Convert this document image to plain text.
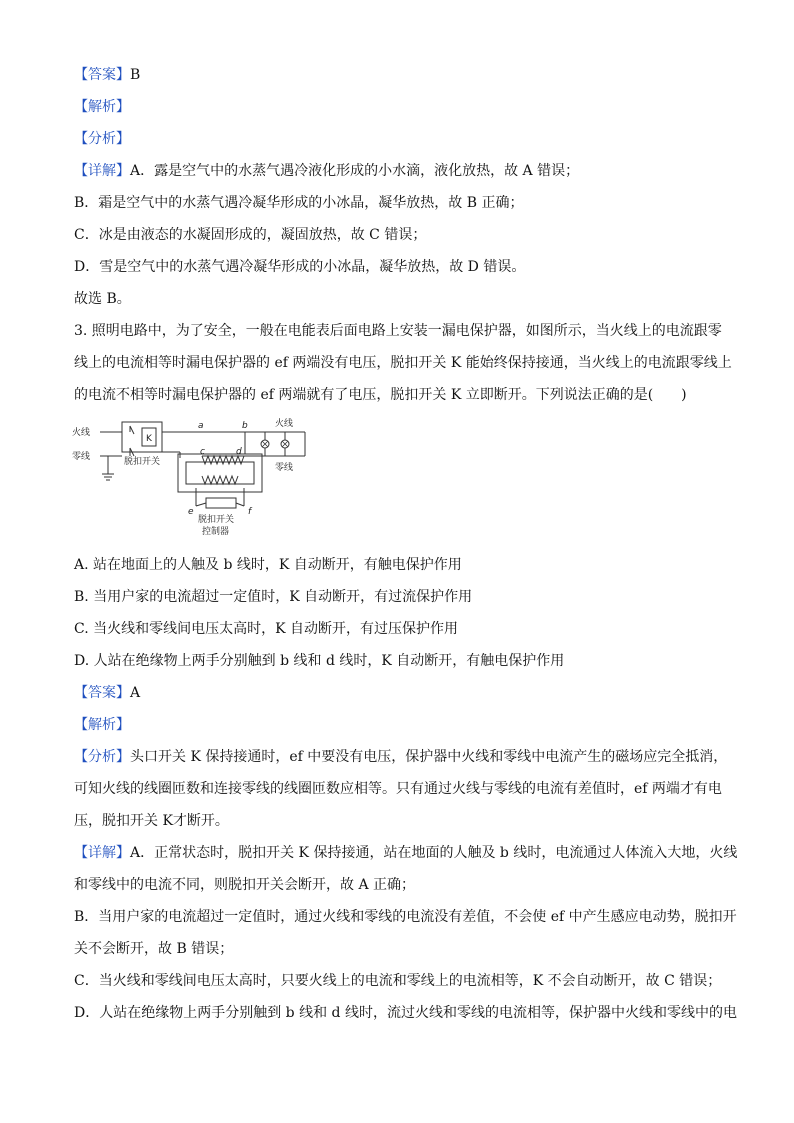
【答案】B
【解析】
【分析】
【详解】A．露是空气中的水蒸气遇冷液化形成的小水滴，液化放热，故 A 错误；
B．霜是空气中的水蒸气遇冷凝华形成的小冰晶，凝华放热，故 B 正确；
C．冰是由液态的水凝固形成的，凝固放热，故 C 错误；
D．雪是空气中的水蒸气遇冷凝华形成的小冰晶，凝华放热，故 D 错误。
故选 B。
3. 照明电路中，为了安全，一般在电能表后面电路上安装一漏电保护器，如图所示，当火线上的电流跟零
线上的电流相等时漏电保护器的 ef 两端没有电压，脱扣开关 K 能始终保持接通，当火线上的电流跟零线上
的电流不相等时漏电保护器的 ef 两端就有了电压，脱扣开关 K 立即断开。下列说法正确的是(　　)
火线
零线
K
脱扣开关
a	b
c	d
e	f
火线
零线
脱扣开关
控制器
A. 站在地面上的人触及 b 线时，K 自动断开，有触电保护作用
B. 当用户家的电流超过一定值时，K 自动断开，有过流保护作用
C. 当火线和零线间电压太高时，K 自动断开，有过压保护作用
D. 人站在绝缘物上两手分别触到 b 线和 d 线时，K 自动断开，有触电保护作用
【答案】A
【解析】
【分析】头口开关 K 保持接通时，ef 中要没有电压，保护器中火线和零线中电流产生的磁场应完全抵消，
可知火线的线圈匝数和连接零线的线圈匝数应相等。只有通过火线与零线的电流有差值时，ef 两端才有电
压，脱扣开关 K才断开。
【详解】A．正常状态时，脱扣开关 K 保持接通，站在地面的人触及 b 线时，电流通过人体流入大地，火线
和零线中的电流不同，则脱扣开关会断开，故 A 正确；
B．当用户家的电流超过一定值时，通过火线和零线的电流没有差值，不会使 ef 中产生感应电动势，脱扣开
关不会断开，故 B 错误；
C．当火线和零线间电压太高时，只要火线上的电流和零线上的电流相等，K 不会自动断开，故 C 错误；
D．人站在绝缘物上两手分别触到 b 线和 d 线时，流过火线和零线的电流相等，保护器中火线和零线中的电
